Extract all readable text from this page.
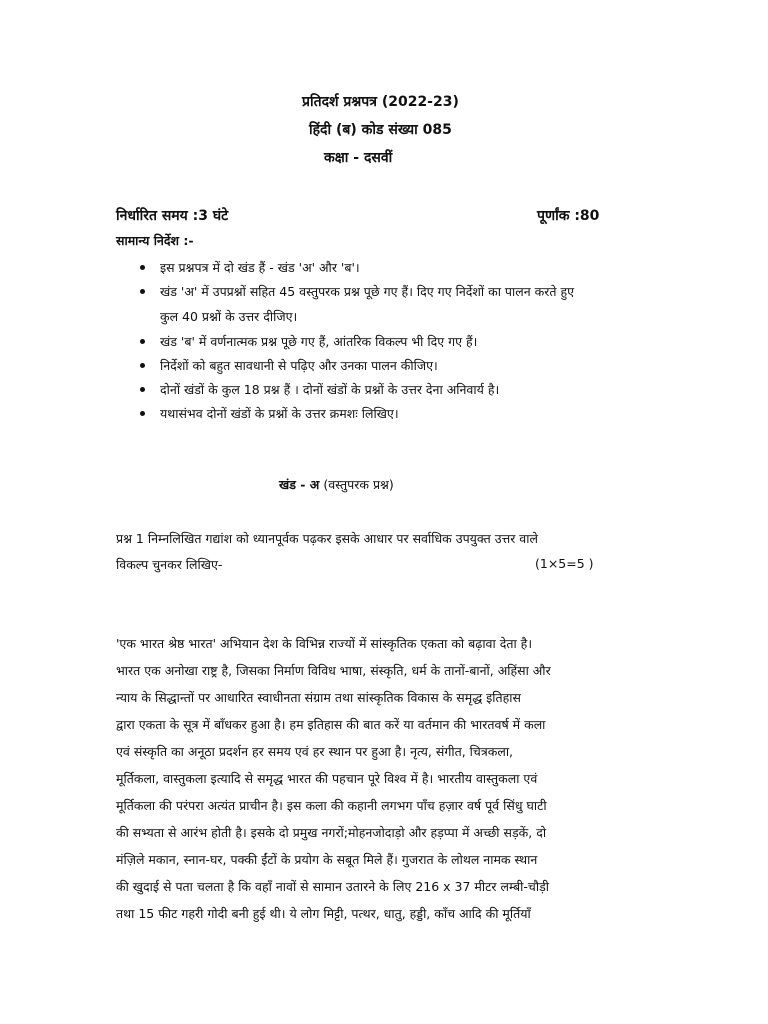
प्रतिदर्श प्रश्नपत्र (2022-23)
हिंदी (ब) कोड संख्या 085
कक्षा - दसवीं
निर्धारित समय :3 घंटे	पूर्णांक :80
सामान्य निर्देश :-
इस प्रश्नपत्र में दो खंड हैं - खंड 'अ' और 'ब'।
खंड 'अ' में उपप्रश्नों सहित 45 वस्तुपरक प्रश्न पूछे गए हैं। दिए गए निर्देशों का पालन करते हुए
कुल 40 प्रश्नों के उत्तर दीजिए।
खंड 'ब' में वर्णनात्मक प्रश्न पूछे गए हैं, आंतरिक विकल्प भी दिए गए हैं।
निर्देशों को बहुत सावधानी से पढ़िए और उनका पालन कीजिए।
दोनों खंडों के कुल 18 प्रश्न हैं । दोनों खंडों के प्रश्नों के उत्तर देना अनिवार्य है।
यथासंभव दोनों खंडों के प्रश्नों के उत्तर क्रमशः लिखिए।
खंड - अ (वस्तुपरक प्रश्न)
प्रश्न 1 निम्नलिखित गद्यांश को ध्यानपूर्वक पढ़कर इसके आधार पर सर्वाधिक उपयुक्त उत्तर वाले
विकल्प चुनकर लिखिए-	(1×5=5 )
'एक भारत श्रेष्ठ भारत' अभियान देश के विभिन्न राज्यों में सांस्कृतिक एकता को बढ़ावा देता है।
भारत एक अनोखा राष्ट्र है, जिसका निर्माण विविध भाषा, संस्कृति, धर्म के तानों-बानों, अहिंसा और
न्याय के सिद्धान्तों पर आधारित स्वाधीनता संग्राम तथा सांस्कृतिक विकास के समृद्ध इतिहास
द्वारा एकता के सूत्र में बाँधकर हुआ है। हम इतिहास की बात करें या वर्तमान की भारतवर्ष में कला
एवं संस्कृति का अनूठा प्रदर्शन हर समय एवं हर स्थान पर हुआ है। नृत्य, संगीत, चित्रकला,
मूर्तिकला, वास्तुकला इत्यादि से समृद्ध भारत की पहचान पूरे विश्व में है। भारतीय वास्तुकला एवं
मूर्तिकला की परंपरा अत्यंत प्राचीन है। इस कला की कहानी लगभग पाँच हज़ार वर्ष पूर्व सिंधु घाटी
की सभ्यता से आरंभ होती है। इसके दो प्रमुख नगरों;मोहनजोदाड़ो और हड़प्पा में अच्छी सड़कें, दो
मंज़िले मकान, स्नान-घर, पक्की ईंटों के प्रयोग के सबूत मिले हैं। गुजरात के लोथल नामक स्थान
की खुदाई से पता चलता है कि वहाँ नावों से सामान उतारने के लिए 216 x 37 मीटर लम्बी-चौड़ी
तथा 15 फीट गहरी गोदी बनी हुई थी। ये लोग मिट्टी, पत्थर, धातु, हड्डी, काँच आदि की मूर्तियाँ
